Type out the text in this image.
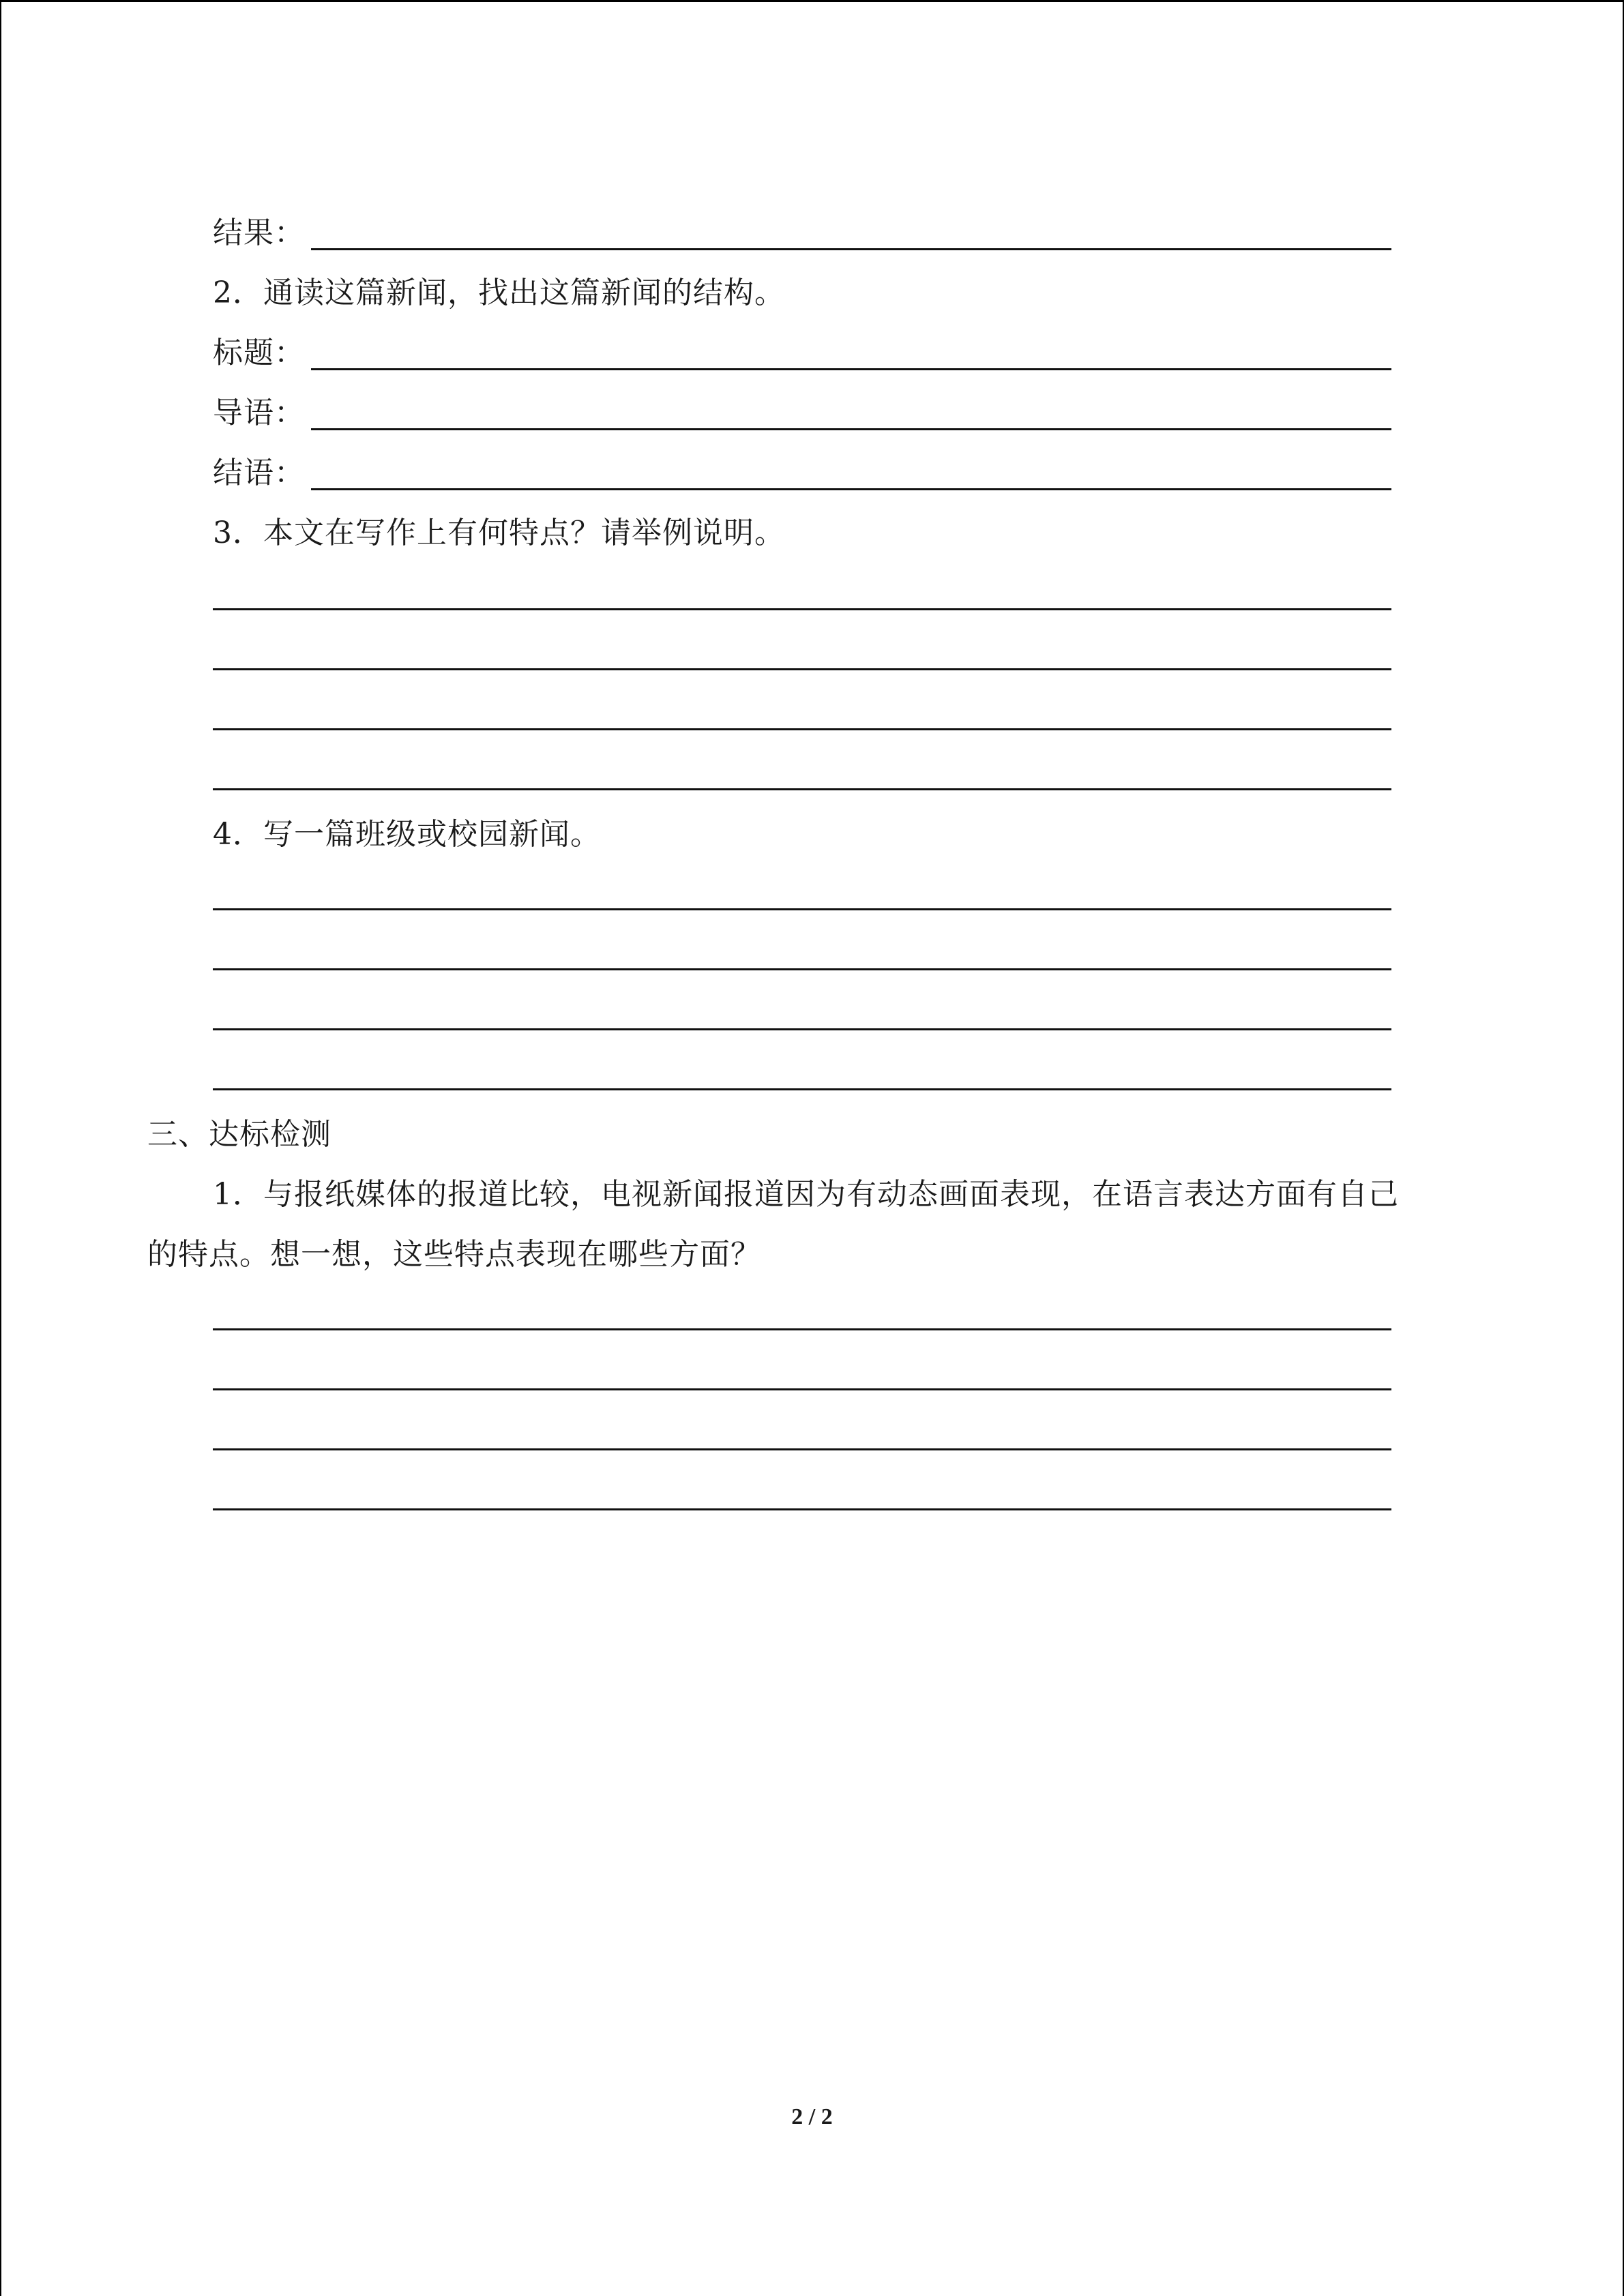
结果：
2．通读这篇新闻，找出这篇新闻的结构。
标题：
导语：
结语：
3．本文在写作上有何特点？请举例说明。
4．写一篇班级或校园新闻。
三、达标检测
1．与报纸媒体的报道比较，电视新闻报道因为有动态画面表现，在语言表达方面有自己
的特点。想一想，这些特点表现在哪些方面？
2 / 2
